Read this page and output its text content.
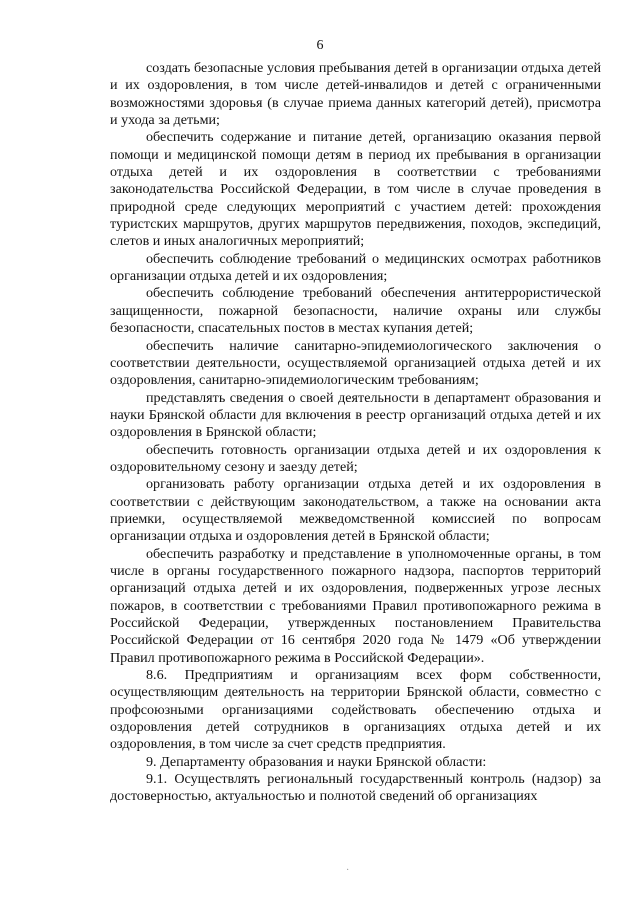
6

создать безопасные условия пребывания детей в организации отдыха детей и их оздоровления, в том числе детей-инвалидов и детей с ограниченными возможностями здоровья (в случае приема данных категорий детей), присмотра и ухода за детьми;

обеспечить содержание и питание детей, организацию оказания первой помощи и медицинской помощи детям в период их пребывания в организации отдыха детей и их оздоровления в соответствии с требованиями законодательства Российской Федерации, в том числе в случае проведения в природной среде следующих мероприятий с участием детей: прохождения туристских маршрутов, других маршрутов передвижения, походов, экспедиций, слетов и иных аналогичных мероприятий;

обеспечить соблюдение требований о медицинских осмотрах работников организации отдыха детей и их оздоровления;

обеспечить соблюдение требований обеспечения антитеррористической защищенности, пожарной безопасности, наличие охраны или службы безопасности, спасательных постов в местах купания детей;

обеспечить наличие санитарно-эпидемиологического заключения о соответствии деятельности, осуществляемой организацией отдыха детей и их оздоровления, санитарно-эпидемиологическим требованиям;

представлять сведения о своей деятельности в департамент образования и науки Брянской области для включения в реестр организаций отдыха детей и их оздоровления в Брянской области;

обеспечить готовность организации отдыха детей и их оздоровления к оздоровительному сезону и заезду детей;

организовать работу организации отдыха детей и их оздоровления в соответствии с действующим законодательством, а также на основании акта приемки, осуществляемой межведомственной комиссией по вопросам организации отдыха и оздоровления детей в Брянской области;

обеспечить разработку и представление в уполномоченные органы, в том числе в органы государственного пожарного надзора, паспортов территорий организаций отдыха детей и их оздоровления, подверженных угрозе лесных пожаров, в соответствии с требованиями Правил противопожарного режима в Российской Федерации, утвержденных постановлением Правительства Российской Федерации от 16 сентября 2020 года № 1479 «Об утверждении Правил противопожарного режима в Российской Федерации».

8.6. Предприятиям и организациям всех форм собственности, осуществляющим деятельность на территории Брянской области, совместно с профсоюзными организациями содействовать обеспечению отдыха и оздоровления детей сотрудников в организациях отдыха детей и их оздоровления, в том числе за счет средств предприятия.

9. Департаменту образования и науки Брянской области:

9.1. Осуществлять региональный государственный контроль (надзор) за достоверностью, актуальностью и полнотой сведений об организациях

·
